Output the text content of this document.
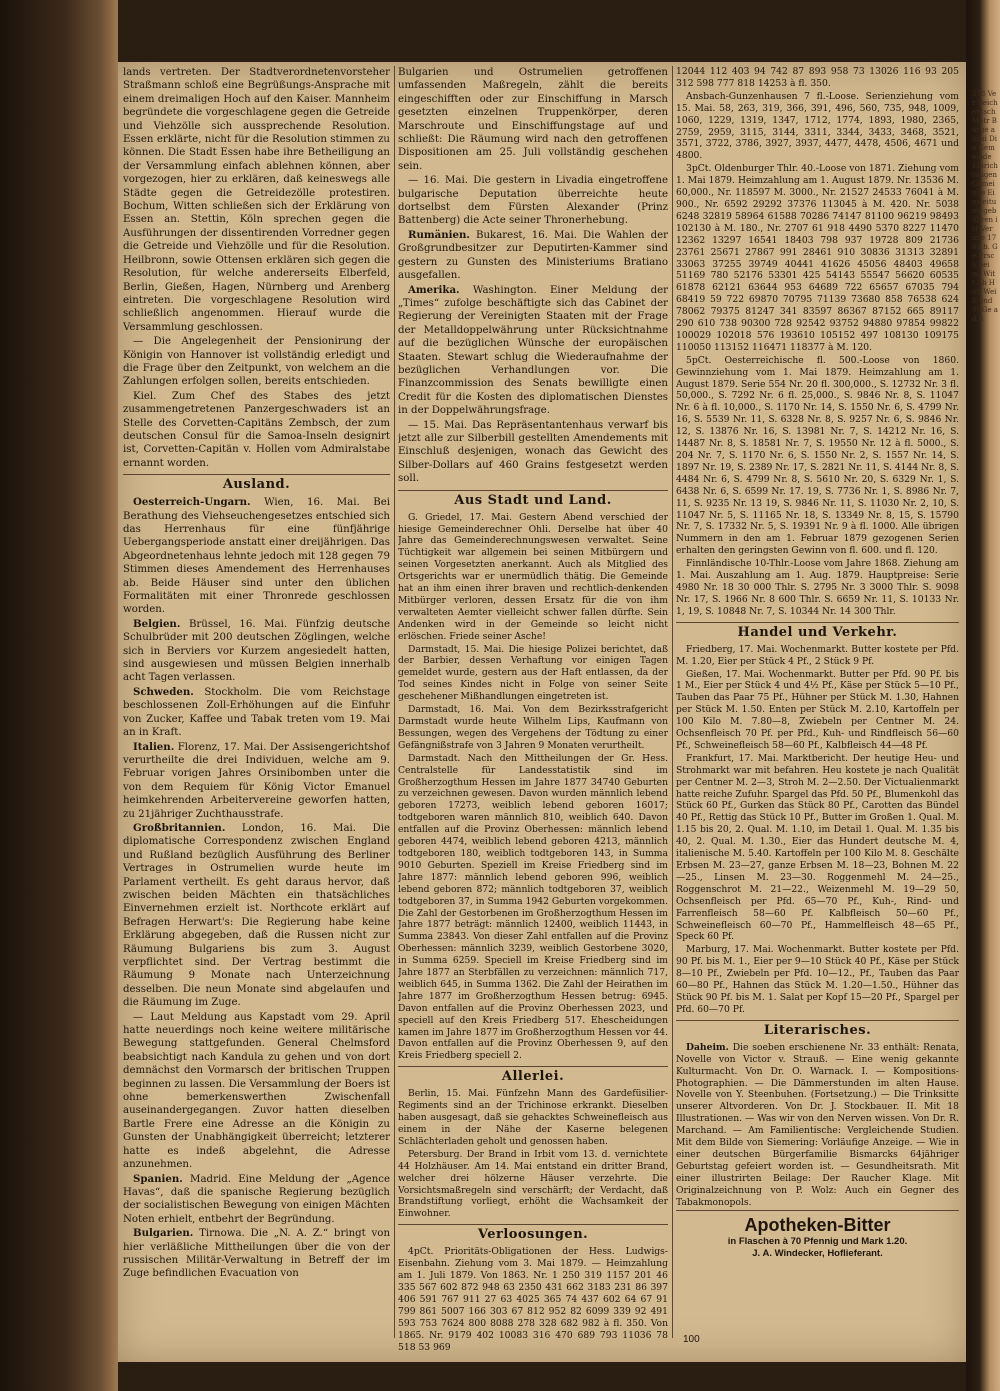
378 Ver Reich entsch Matr Bürge abzui Die Gemeinde Einrichtungen Gemeinde Einweitung gebühren ist Vermie 1764 b. Ge Ersch heim. Witt Ab Hoff Weiß und St Ge a d n

lands vertreten. Der Stadtverordnetenvorsteher Straßmann schloß eine Begrüßungs-Ansprache mit einem dreimaligen Hoch auf den Kaiser. Mannheim begründete die vorgeschlagene gegen die Getreide und Viehzölle sich aussprechende Resolution. Essen erklärte, nicht für die Resolution stimmen zu können. Die Stadt Essen habe ihre Betheiligung an der Versammlung einfach ablehnen können, aber vorgezogen, hier zu erklären, daß keineswegs alle Städte gegen die Getreidezölle protestiren. Bochum, Witten schließen sich der Erklärung von Essen an. Stettin, Köln sprechen gegen die Ausführungen der dissentirenden Vorredner gegen die Getreide und Viehzölle und für die Resolution. Heilbronn, sowie Ottensen erklären sich gegen die Resolution, für welche andererseits Elberfeld, Berlin, Gießen, Hagen, Nürnberg und Arenberg eintreten. Die vorgeschlagene Resolution wird schließlich angenommen. Hierauf wurde die Versammlung geschlossen.

— Die Angelegenheit der Pensionirung der Königin von Hannover ist vollständig erledigt und die Frage über den Zeitpunkt, von welchem an die Zahlungen erfolgen sollen, bereits entschieden.

Kiel. Zum Chef des Stabes des jetzt zusammengetretenen Panzergeschwaders ist an Stelle des Corvetten-Capitäns Zembsch, der zum deutschen Consul für die Samoa-Inseln designirt ist, Corvetten-Capitän v. Hollen vom Admiralstabe ernannt worden.

Ausland.

Oesterreich-Ungarn. Wien, 16. Mai. Bei Berathung des Viehseuchengesetzes entschied sich das Herrenhaus für eine fünfjährige Uebergangsperiode anstatt einer dreijährigen. Das Abgeordnetenhaus lehnte jedoch mit 128 gegen 79 Stimmen dieses Amendement des Herrenhauses ab. Beide Häuser sind unter den üblichen Formalitäten mit einer Thronrede geschlossen worden.

Belgien. Brüssel, 16. Mai. Fünfzig deutsche Schulbrüder mit 200 deutschen Zöglingen, welche sich in Berviers vor Kurzem angesiedelt hatten, sind ausgewiesen und müssen Belgien innerhalb acht Tagen verlassen.

Schweden. Stockholm. Die vom Reichstage beschlossenen Zoll-Erhöhungen auf die Einfuhr von Zucker, Kaffee und Tabak treten vom 19. Mai an in Kraft.

Italien. Florenz, 17. Mai. Der Assisengerichtshof verurtheilte die drei Individuen, welche am 9. Februar vorigen Jahres Orsinibomben unter die von dem Requiem für König Victor Emanuel heimkehrenden Arbeitervereine geworfen hatten, zu 21jähriger Zuchthausstrafe.

Großbritannien. London, 16. Mai. Die diplomatische Correspondenz zwischen England und Rußland bezüglich Ausführung des Berliner Vertrages in Ostrumelien wurde heute im Parlament vertheilt. Es geht daraus hervor, daß zwischen beiden Mächten ein thatsächliches Einvernehmen erzielt ist. Northcote erklärt auf Befragen Herwart's: Die Regierung habe keine Erklärung abgegeben, daß die Russen nicht zur Räumung Bulgariens bis zum 3. August verpflichtet sind. Der Vertrag bestimmt die Räumung 9 Monate nach Unterzeichnung desselben. Die neun Monate sind abgelaufen und die Räumung im Zuge.

— Laut Meldung aus Kapstadt vom 29. April hatte neuerdings noch keine weitere militärische Bewegung stattgefunden. General Chelmsford beabsichtigt nach Kandula zu gehen und von dort demnächst den Vormarsch der britischen Truppen beginnen zu lassen. Die Versammlung der Boers ist ohne bemerkenswerthen Zwischenfall auseinandergegangen. Zuvor hatten dieselben Bartle Frere eine Adresse an die Königin zu Gunsten der Unabhängigkeit überreicht; letzterer hatte es indeß abgelehnt, die Adresse anzunehmen.

Spanien. Madrid. Eine Meldung der „Agence Havas“, daß die spanische Regierung bezüglich der socialistischen Bewegung von einigen Mächten Noten erhielt, entbehrt der Begründung.

Bulgarien. Tirnowa. Die „N. A. Z.“ bringt von hier verläßliche Mittheilungen über die von der russischen Militär-Verwaltung in Betreff der im Zuge befindlichen Evacuation von

Bulgarien und Ostrumelien getroffenen umfassenden Maßregeln, zählt die bereits eingeschifften oder zur Einschiffung in Marsch gesetzten einzelnen Truppenkörper, deren Marschroute und Einschiffungstage auf und schließt: Die Räumung wird nach den getroffenen Dispositionen am 25. Juli vollständig geschehen sein.

— 16. Mai. Die gestern in Livadia eingetroffene bulgarische Deputation überreichte heute dortselbst dem Fürsten Alexander (Prinz Battenberg) die Acte seiner Thronerhebung.

Rumänien. Bukarest, 16. Mai. Die Wahlen der Großgrundbesitzer zur Deputirten-Kammer sind gestern zu Gunsten des Ministeriums Bratiano ausgefallen.

Amerika. Washington. Einer Meldung der „Times“ zufolge beschäftigte sich das Cabinet der Regierung der Vereinigten Staaten mit der Frage der Metalldoppelwährung unter Rücksichtnahme auf die bezüglichen Wünsche der europäischen Staaten. Stewart schlug die Wiederaufnahme der bezüglichen Verhandlungen vor. Die Finanzcommission des Senats bewilligte einen Credit für die Kosten des diplomatischen Dienstes in der Doppelwährungsfrage.

— 15. Mai. Das Repräsentantenhaus verwarf bis jetzt alle zur Silberbill gestellten Amendements mit Einschluß desjenigen, wonach das Gewicht des Silber-Dollars auf 460 Grains festgesetzt werden soll.

Aus Stadt und Land.

G. Griedel, 17. Mai. Gestern Abend verschied der hiesige Gemeinderechner Ohli. Derselbe hat über 40 Jahre das Gemeinderechnungswesen verwaltet. Seine Tüchtigkeit war allgemein bei seinen Mitbürgern und seinen Vorgesetzten anerkannt. Auch als Mitglied des Ortsgerichts war er unermüdlich thätig. Die Gemeinde hat an ihm einen ihrer braven und rechtlich-denkenden Mitbürger verloren, dessen Ersatz für die von ihm verwalteten Aemter vielleicht schwer fallen dürfte. Sein Andenken wird in der Gemeinde so leicht nicht erlöschen. Friede seiner Asche!

Darmstadt, 15. Mai. Die hiesige Polizei berichtet, daß der Barbier, dessen Verhaftung vor einigen Tagen gemeldet wurde, gestern aus der Haft entlassen, da der Tod seines Kindes nicht in Folge von seiner Seite geschehener Mißhandlungen eingetreten ist.

Darmstadt, 16. Mai. Von dem Bezirksstrafgericht Darmstadt wurde heute Wilhelm Lips, Kaufmann von Bessungen, wegen des Vergehens der Tödtung zu einer Gefängnißstrafe von 3 Jahren 9 Monaten verurtheilt.

Darmstadt. Nach den Mittheilungen der Gr. Hess. Centralstelle für Landesstatistik sind im Großherzogthum Hessen im Jahre 1877 34740 Geburten zu verzeichnen gewesen. Davon wurden männlich lebend geboren 17273, weiblich lebend geboren 16017; todtgeboren waren männlich 810, weiblich 640. Davon entfallen auf die Provinz Oberhessen: männlich lebend geboren 4474, weiblich lebend geboren 4213, männlich todtgeboren 180, weiblich todtgeboren 143, in Summa 9010 Geburten. Speziell im Kreise Friedberg sind im Jahre 1877: männlich lebend geboren 996, weiblich lebend geboren 872; männlich todtgeboren 37, weiblich todtgeboren 37, in Summa 1942 Geburten vorgekommen. Die Zahl der Gestorbenen im Großherzogthum Hessen im Jahre 1877 beträgt: männlich 12400, weiblich 11443, in Summa 23843. Von dieser Zahl entfallen auf die Provinz Oberhessen: männlich 3239, weiblich Gestorbene 3020, in Summa 6259. Speciell im Kreise Friedberg sind im Jahre 1877 an Sterbfällen zu verzeichnen: männlich 717, weiblich 645, in Summa 1362. Die Zahl der Heirathen im Jahre 1877 im Großherzogthum Hessen betrug: 6945. Davon entfallen auf die Provinz Oberhessen 2023, und speciell auf den Kreis Friedberg 517. Ehescheidungen kamen im Jahre 1877 im Großherzogthum Hessen vor 44. Davon entfallen auf die Provinz Oberhessen 9, auf den Kreis Friedberg speciell 2.

Allerlei.

Berlin, 15. Mai. Fünfzehn Mann des Gardefüsilier-Regiments sind an der Trichinose erkrankt. Dieselben haben ausgesagt, daß sie gehacktes Schweinefleisch aus einem in der Nähe der Kaserne belegenen Schlächterladen geholt und genossen haben.

Petersburg. Der Brand in Irbit vom 13. d. vernichtete 44 Holzhäuser. Am 14. Mai entstand ein dritter Brand, welcher drei hölzerne Häuser verzehrte. Die Vorsichtsmaßregeln sind verschärft; der Verdacht, daß Brandstiftung vorliegt, erhöht die Wachsamkeit der Einwohner.

Verloosungen.

4pCt. Prioritäts-Obligationen der Hess. Ludwigs-Eisenbahn. Ziehung vom 3. Mai 1879. — Heimzahlung am 1. Juli 1879. Von 1863. Nr. 1 250 319 1157 201 46 335 567 602 872 948 63 2350 431 662 3183 231 86 397 406 591 767 911 27 63 4025 365 74 437 602 64 67 91 799 861 5007 166 303 67 812 952 82 6099 339 92 491 593 753 7624 800 8088 278 328 682 982 à fl. 350. Von 1865. Nr. 9179 402 10083 316 470 689 793 11036 78 518 53 969

12044 112 403 94 742 87 893 958 73 13026 116 93 205 312 598 777 818 14253 à fl. 350.

Ansbach-Gunzenhausen 7 fl.-Loose. Serienziehung vom 15. Mai. 58, 263, 319, 366, 391, 496, 560, 735, 948, 1009, 1060, 1229, 1319, 1347, 1712, 1774, 1893, 1980, 2365, 2759, 2959, 3115, 3144, 3311, 3344, 3433, 3468, 3521, 3571, 3722, 3786, 3927, 3937, 4477, 4478, 4506, 4671 und 4800.

3pCt. Oldenburger Thlr. 40.-Loose von 1871. Ziehung vom 1. Mai 1879. Heimzahlung am 1. August 1879. Nr. 13536 M. 60,000., Nr. 118597 M. 3000., Nr. 21527 24533 76041 à M. 900., Nr. 6592 29292 37376 113045 à M. 420. Nr. 5038 6248 32819 58964 61588 70286 74147 81100 96219 98493 102130 à M. 180., Nr. 2707 61 918 4490 5370 8227 11470 12362 13297 16541 18403 798 937 19728 809 21736 23761 25671 27867 991 28461 910 30836 31313 32891 33063 37255 39749 40441 41626 45056 48403 49658 51169 780 52176 53301 425 54143 55547 56620 60535 61878 62121 63644 953 64689 722 65657 67035 794 68419 59 722 69870 70795 71139 73680 858 76538 624 78062 79375 81247 341 83597 86367 87152 665 89117 290 610 738 90300 728 92542 93752 94880 97854 99822 100029 102018 576 193610 105152 497 108130 109175 110050 113152 116471 118377 à M. 120.

5pCt. Oesterreichische fl. 500.-Loose von 1860. Gewinnziehung vom 1. Mai 1879. Heimzahlung am 1. August 1879. Serie 554 Nr. 20 fl. 300,000., S. 12732 Nr. 3 fl. 50,000., S. 7292 Nr. 6 fl. 25,000., S. 9846 Nr. 8, S. 11047 Nr. 6 à fl. 10,000., S. 1170 Nr. 14, S. 1550 Nr. 6, S. 4799 Nr. 16, S. 5539 Nr. 11, S. 6328 Nr. 8, S. 9257 Nr. 6, S. 9846 Nr. 12, S. 13876 Nr. 16, S. 13981 Nr. 7, S. 14212 Nr. 16, S. 14487 Nr. 8, S. 18581 Nr. 7, S. 19550 Nr. 12 à fl. 5000., S. 204 Nr. 7, S. 1170 Nr. 6, S. 1550 Nr. 2, S. 1557 Nr. 14, S. 1897 Nr. 19, S. 2389 Nr. 17, S. 2821 Nr. 11, S. 4144 Nr. 8, S. 4484 Nr. 6, S. 4799 Nr. 8, S. 5610 Nr. 20, S. 6329 Nr. 1, S. 6438 Nr. 6, S. 6599 Nr. 17. 19, S. 7736 Nr. 1, S. 8986 Nr. 7, 11, S. 9235 Nr. 13 19, S. 9846 Nr. 11, S. 11030 Nr. 2, 10, S. 11047 Nr. 5, S. 11165 Nr. 18, S. 13349 Nr. 8, 15, S. 15790 Nr. 7, S. 17332 Nr. 5, S. 19391 Nr. 9 à fl. 1000. Alle übrigen Nummern in den am 1. Februar 1879 gezogenen Serien erhalten den geringsten Gewinn von fl. 600. und fl. 120.

Finnländische 10-Thlr.-Loose vom Jahre 1868. Ziehung am 1. Mai. Auszahlung am 1. Aug. 1879. Hauptpreise: Serie 4980 Nr. 18 30 000 Thlr. S. 2795 Nr. 3 3000 Thlr. S. 9098 Nr. 17, S. 1966 Nr. 8 600 Thlr. S. 6659 Nr. 11, S. 10133 Nr. 1, 19, S. 10848 Nr. 7, S. 10344 Nr. 14 300 Thlr.

Handel und Verkehr.

Friedberg, 17. Mai. Wochenmarkt. Butter kostete per Pfd. M. 1.20, Eier per Stück 4 Pf., 2 Stück 9 Pf.

Gießen, 17. Mai. Wochenmarkt. Butter per Pfd. 90 Pf. bis 1 M., Eier per Stück 4 und 4½ Pf., Käse per Stück 5—10 Pf., Tauben das Paar 75 Pf., Hühner per Stück M. 1.30, Hahnen per Stück M. 1.50. Enten per Stück M. 2.10, Kartoffeln per 100 Kilo M. 7.80—8, Zwiebeln per Centner M. 24. Ochsenfleisch 70 Pf. per Pfd., Kuh- und Rindfleisch 56—60 Pf., Schweinefleisch 58—60 Pf., Kalbfleisch 44—48 Pf.

Frankfurt, 17. Mai. Marktbericht. Der heutige Heu- und Strohmarkt war mit befahren. Heu kostete je nach Qualität per Centner M. 2—3, Stroh M. 2—2.50. Der Victualienmarkt hatte reiche Zufuhr. Spargel das Pfd. 50 Pf., Blumenkohl das Stück 60 Pf., Gurken das Stück 80 Pf., Carotten das Bündel 40 Pf., Rettig das Stück 10 Pf., Butter im Großen 1. Qual. M. 1.15 bis 20, 2. Qual. M. 1.10, im Detail 1. Qual. M. 1.35 bis 40, 2. Qual. M. 1.30., Eier das Hundert deutsche M. 4, italienische M. 5.40. Kartoffeln per 100 Kilo M. 8. Geschälte Erbsen M. 23—27, ganze Erbsen M. 18—23, Bohnen M. 22—25., Linsen M. 23—30. Roggenmehl M. 24—25., Roggenschrot M. 21—22., Weizenmehl M. 19—29 50, Ochsenfleisch per Pfd. 65—70 Pf., Kuh-, Rind- und Farrenfleisch 58—60 Pf. Kalbfleisch 50—60 Pf., Schweinefleisch 60—70 Pf., Hammelfleisch 48—65 Pf., Speck 60 Pf.

Marburg, 17. Mai. Wochenmarkt. Butter kostete per Pfd. 90 Pf. bis M. 1., Eier per 9—10 Stück 40 Pf., Käse per Stück 8—10 Pf., Zwiebeln per Pfd. 10—12., Pf., Tauben das Paar 60—80 Pf., Hahnen das Stück M. 1.20—1.50., Hühner das Stück 90 Pf. bis M. 1. Salat per Kopf 15—20 Pf., Spargel per Pfd. 60—70 Pf.

Literarisches.

Daheim. Die soeben erschienene Nr. 33 enthält: Renata, Novelle von Victor v. Strauß. — Eine wenig gekannte Kulturmacht. Von Dr. O. Warnack. I. — Kompositions-Photographien. — Die Dämmerstunden im alten Hause. Novelle von Y. Steenbuhen. (Fortsetzung.) — Die Trinksitte unserer Altvorderen. Von Dr. J. Stockbauer. II. Mit 18 Illustrationen. — Was wir von den Nerven wissen. Von Dr. R. Marchand. — Am Familientische: Vergleichende Studien. Mit dem Bilde von Siemering: Vorläufige Anzeige. — Wie in einer deutschen Bürgerfamilie Bismarcks 64jähriger Geburtstag gefeiert worden ist. — Gesundheitsrath. Mit einer illustrirten Beilage: Der Raucher Klage. Mit Originalzeichnung von P. Wolz: Auch ein Gegner des Tabakmonopols.

Apotheken-Bitter
in Flaschen à 70 Pfennig und Mark 1.20.
J. A. Windecker, Hoflieferant.
100
